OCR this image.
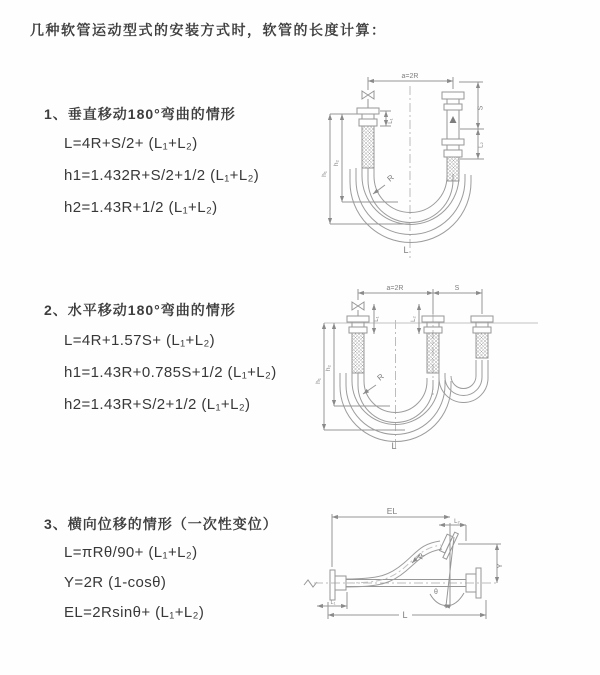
几种软管运动型式的安装方式时，软管的长度计算：
1、垂直移动180°弯曲的情形
L=4R+S/2+ (L₁+L₂)
h1=1.432R+S/2+1/2 (L₁+L₂)
h2=1.43R+1/2 (L₁+L₂)
a=2R
R
h₁
h₂
L₁
S
L₂
L
2、水平移动180°弯曲的情形
L=4R+1.57S+ (L₁+L₂)
h1=1.43R+0.785S+1/2 (L₁+L₂)
h2=1.43R+S/2+1/2 (L₁+L₂)
a=2R	S
L₁	L₂
R
h₁
h₂
L
3、横向位移的情形（一次性变位）
L=πRθ/90+ (L₁+L₂)
Y=2R (1-cosθ)
EL=2Rsinθ+ (L₁+L₂)
EL
L₂
Y
R
θ
L₁
L
